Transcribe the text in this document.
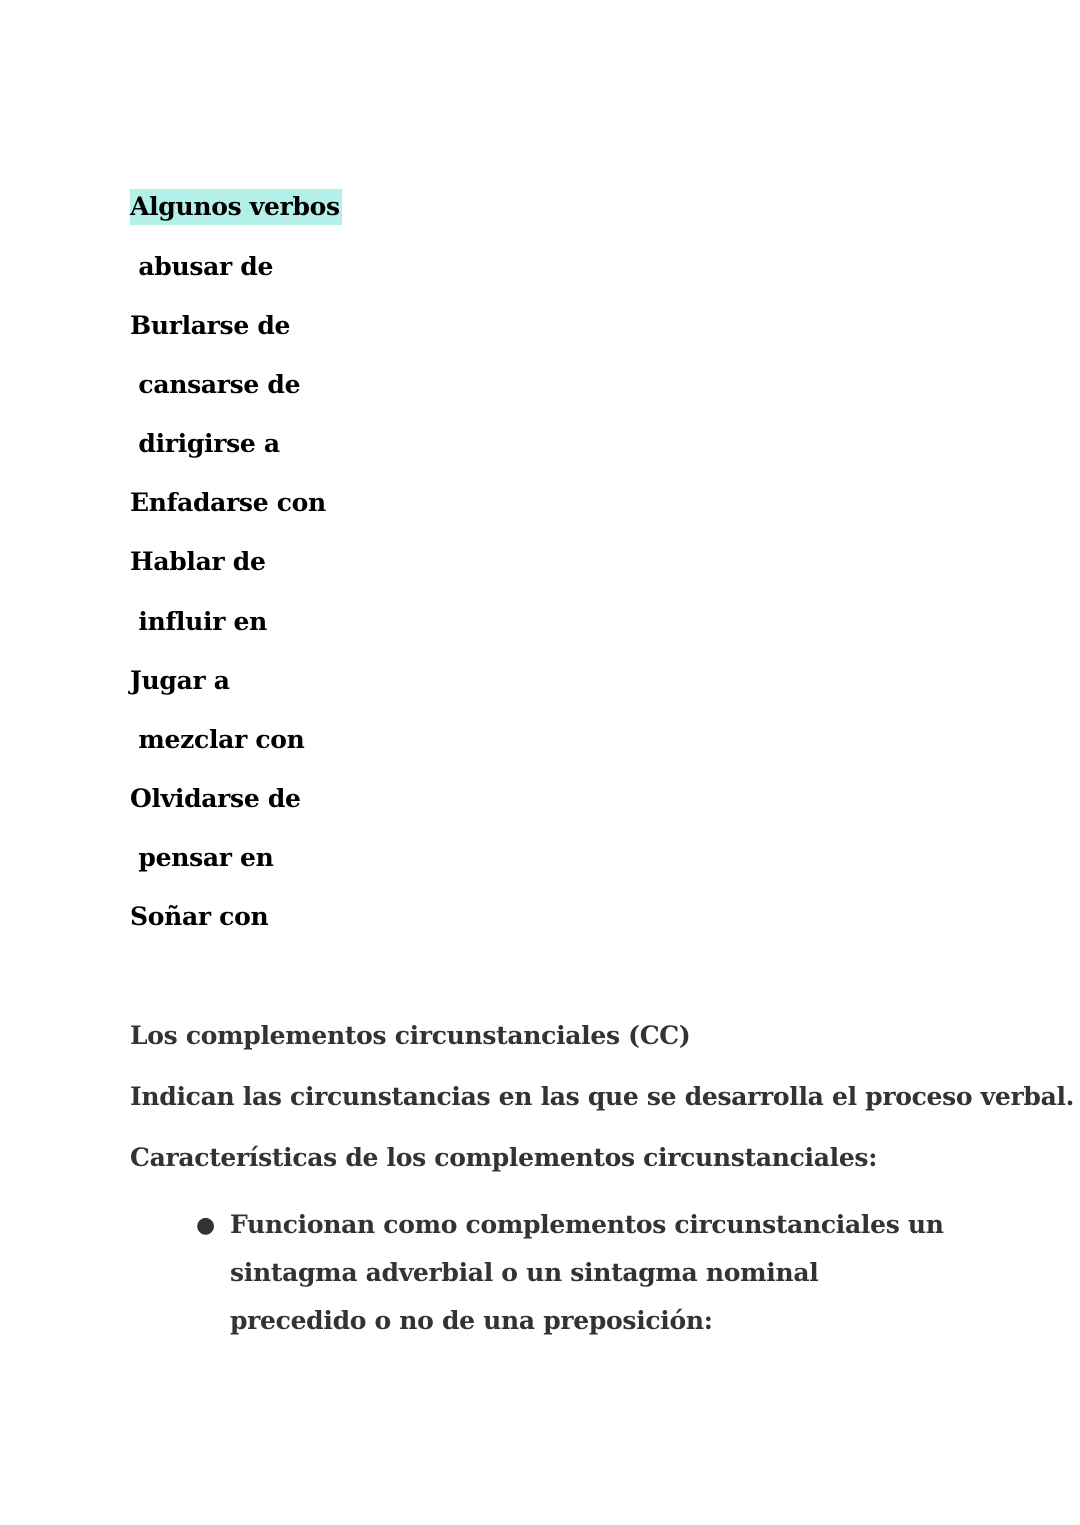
Algunos verbos
abusar de
Burlarse de
cansarse de
dirigirse a
Enfadarse con
Hablar de
influir en
Jugar a
mezclar con
Olvidarse de
pensar en
Soñar con
Los complementos circunstanciales (CC)
Indican las circunstancias en las que se desarrolla el proceso verbal.
Características de los complementos circunstanciales:
● Funcionan como complementos circunstanciales un sintagma adverbial o un sintagma nominal precedido o no de una preposición:
